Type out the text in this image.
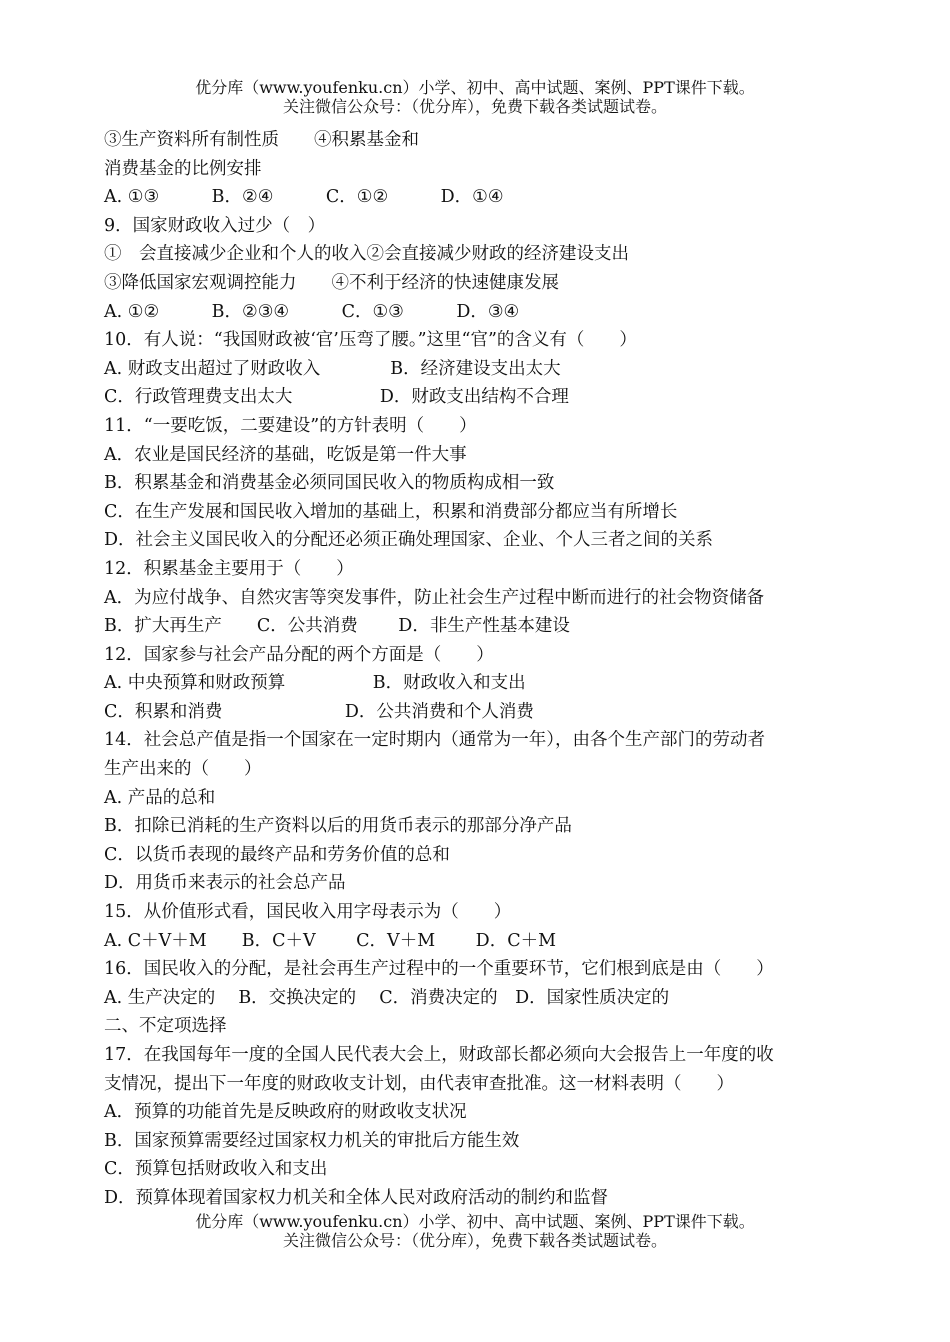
优分库（www.youfenku.cn）小学、初中、高中试题、案例、PPT课件下载。
关注微信公众号：（优分库），免费下载各类试题试卷。
③生产资料所有制性质　　④积累基金和
消费基金的比例安排
A. ①③　　　B．②④　　　C．①②　　　D．①④
9．国家财政收入过少（　）
①　会直接减少企业和个人的收入②会直接减少财政的经济建设支出
③降低国家宏观调控能力　　④不利于经济的快速健康发展
A. ①②　　　B．②③④　　　C．①③　　　D．③④
10．有人说：“我国财政被‘官’压弯了腰。”这里“官”的含义有（　　）
A. 财政支出超过了财政收入　　　　B．经济建设支出太大
C．行政管理费支出太大　　　　　D．财政支出结构不合理
11．“一要吃饭，二要建设”的方针表明（　　）
A．农业是国民经济的基础，吃饭是第一件大事
B．积累基金和消费基金必须同国民收入的物质构成相一致
C．在生产发展和国民收入增加的基础上，积累和消费部分都应当有所增长
D．社会主义国民收入的分配还必须正确处理国家、企业、个人三者之间的关系
12．积累基金主要用于（　　）
A．为应付战争、自然灾害等突发事件，防止社会生产过程中断而进行的社会物资储备
B．扩大再生产　　C．公共消费　　 D．非生产性基本建设
12．国家参与社会产品分配的两个方面是（　　）
A. 中央预算和财政预算　　　　　B．财政收入和支出
C．积累和消费　　　　　　　D．公共消费和个人消费
14．社会总产值是指一个国家在一定时期内（通常为一年），由各个生产部门的劳动者
生产出来的（　　）
A. 产品的总和
B．扣除已消耗的生产资料以后的用货币表示的那部分净产品
C．以货币表现的最终产品和劳务价值的总和
D．用货币来表示的社会总产品
15．从价值形式看，国民收入用字母表示为（　　）
A. C＋V＋M　　B．C＋V　　 C．V＋M　　 D．C＋M
16．国民收入的分配，是社会再生产过程中的一个重要环节，它们根到底是由（　　）
A. 生产决定的　 B．交换决定的　 C．消费决定的　D．国家性质决定的
二、不定项选择
17．在我国每年一度的全国人民代表大会上，财政部长都必须向大会报告上一年度的收
支情况，提出下一年度的财政收支计划，由代表审查批准。这一材料表明（　　）
A．预算的功能首先是反映政府的财政收支状况
B．国家预算需要经过国家权力机关的审批后方能生效
C．预算包括财政收入和支出
D．预算体现着国家权力机关和全体人民对政府活动的制约和监督
优分库（www.youfenku.cn）小学、初中、高中试题、案例、PPT课件下载。
关注微信公众号：（优分库），免费下载各类试题试卷。
